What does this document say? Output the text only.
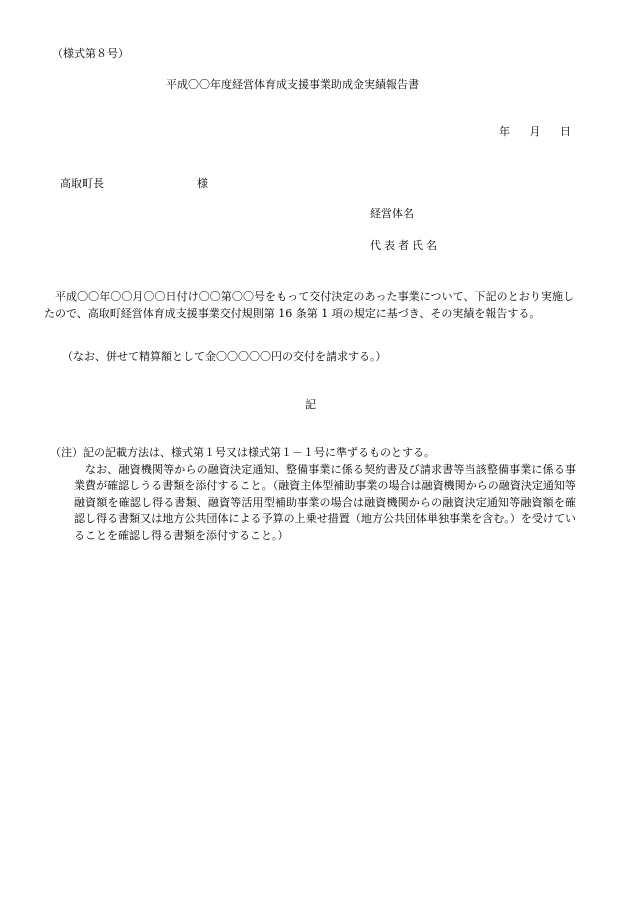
（様式第８号）
平成〇〇年度経営体育成支援事業助成金実績報告書
年 月 日
高取町長	様
経営体名
代表者氏名
平成〇〇年〇〇月〇〇日付け〇〇第〇〇号をもって交付決定のあった事業について、下記のとおり実施したので、高取町経営体育成支援事業交付規則第 16 条第 1 項の規定に基づき、その実績を報告する。
（なお、併せて精算額として金〇〇〇〇〇円の交付を請求する。）
記
（注） 記の記載方法は、様式第１号又は様式第１－１号に準ずるものとする。
なお、融資機関等からの融資決定通知、整備事業に係る契約書及び請求書等当該整備事業に係る事業費が確認しうる書類を添付すること。（融資主体型補助事業の場合は融資機関からの融資決定通知等融資額を確認し得る書類、融資等活用型補助事業の場合は融資機関からの融資決定通知等融資額を確認し得る書類又は地方公共団体による予算の上乗せ措置（地方公共団体単独事業を含む。）を受けていることを確認し得る書類を添付すること。）
